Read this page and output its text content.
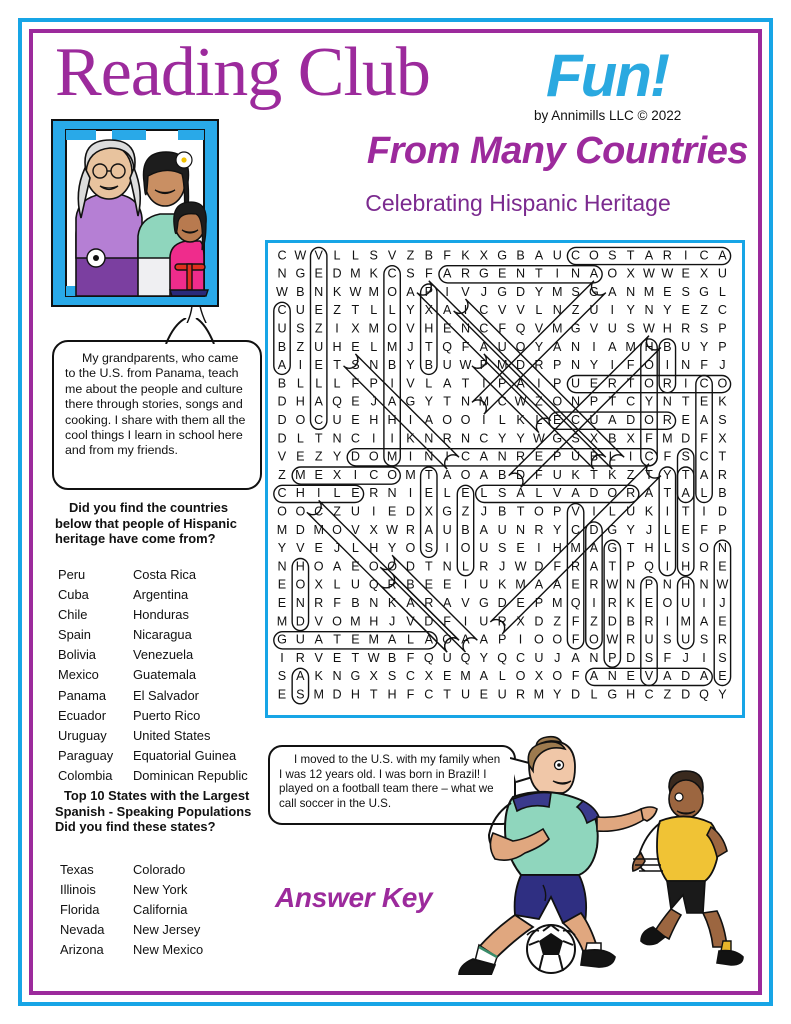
Reading Club Fun!
by Annimills LLC © 2022
From Many Countries
Celebrating Hispanic Heritage

My grandparents, who came to the U.S. from Panama, teach me about the people and culture there through stories, songs and cooking. I share with them all the cool things I learn in school here and from my friends.

Did you find the countries
below that people of Hispanic
heritage have come from?
Peru
Cuba
Chile
Spain
Bolivia
Mexico
Panama
Ecuador
Uruguay
Paraguay
Colombia
Costa Rica
Argentina
Honduras
Nicaragua
Venezuela
Guatemala
El Salvador
Puerto Rico
United States
Equatorial Guinea
Dominican Republic
Top 10 States with the Largest
Spanish - Speaking Populations
Did you find these states?
Texas
Illinois
Florida
Nevada
Arizona
Colorado
New York
California
New Jersey
New Mexico
C W V L L S V Z B F K X G B A U C O S T A R I C A
N G E D M K C S F A R G E N T I N A O X W W E X U
W B N K W M O A P I V J G D Y M S G A N M E S G L
C U E Z T L L Y X A I C V V L N Z U I Y N Y E Z C
U S Z I X M O V H E N C F Q V M G V U S W H R S P
B Z U H E L M J T Q F A U O Y A N I A M H B U Y P
A I E T S N B Y B U W P M D R P N Y I F O I N F J
B L L L F P I V L A T I P A I P U E R T O R I C O
D H A Q E J A G Y T N M C W Z O N P T C Y N T E K
D O C U E H H I A O O I L K L E C U A D O R E A S
D L T N C I I K N R N C Y Y W G S X B X F M D F X
V E Z Y D O M I N I C A N R E P U B L I C F S C T
Z M E X I C O M T A O A B D F U K T K Z T Y T A R
C H I L E R N I E L E L S A L V A D O R A T A L B
O O C Z U I E D X G Z J B T O P V I L U K I T I D
M D M O V X W R A U B A U N R Y C D G Y J L E F P
Y V E J L H Y O S I O U S E I H M A G T H L S O N
N H O A E O O D T N L R J W D F R A T P Q I H R E
E O X L U Q R B E E I U K M A A E R W N P N H N W
E N R F B N K A R A V G D E P M Q I R K E O U I J
M D V O M H J V D F I U R X D Z F Z D B R I M A E
G U A T E M A L A O A A P I O O F O W R U S U S R
I R V E T W B F Q U Q Y Q C U J A N P D S F J I S
S A K N G X S C X E M A L O X O F A N E V A D A E
E S M D H T H F C T U E U R M Y D L G H C Z D Q Y

I moved to the U.S. with my family when I was 12 years old. I was born in Brazil! I played on a football team there – what we call soccer in the U.S.

Answer Key
